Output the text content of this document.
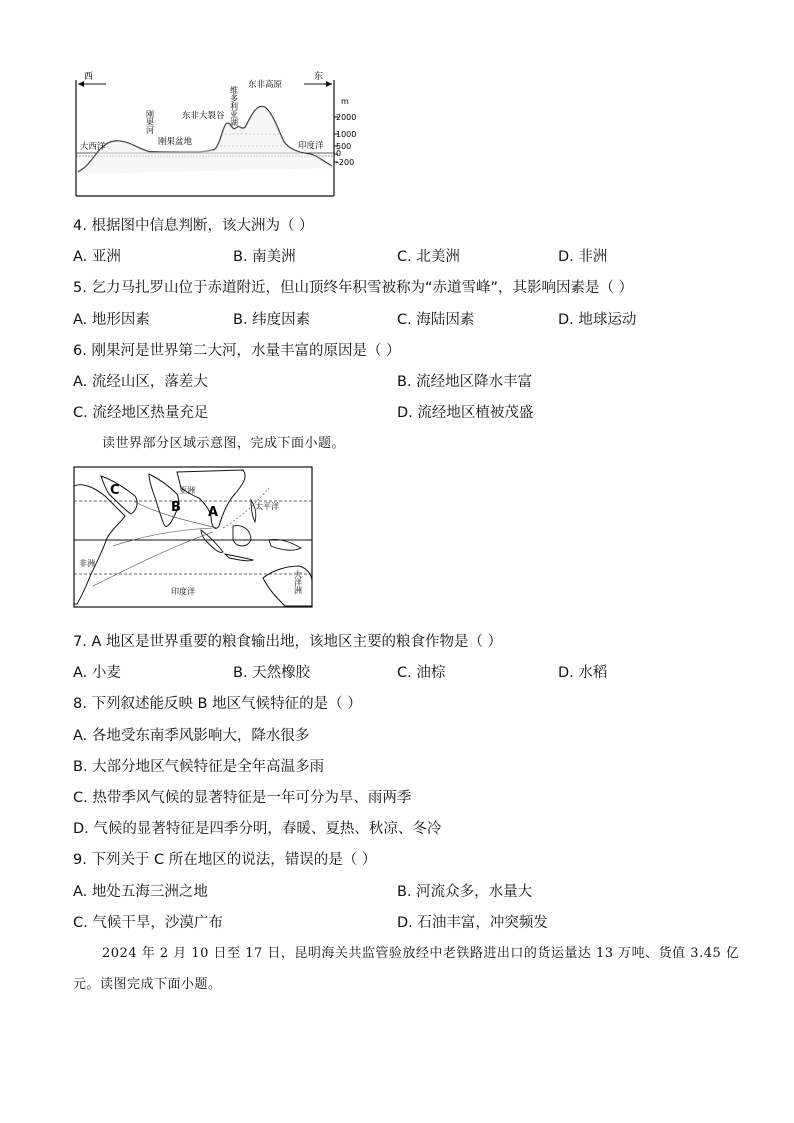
西	东
大西洋
刚果河
刚果盆地
东非大裂谷 维多利亚湖
东非高原
印度洋
m
2000
1000
500
0
-200
4. 根据图中信息判断，该大洲为（ ）
A. 亚洲	B. 南美洲	C. 北美洲	D. 非洲
5. 乞力马扎罗山位于赤道附近，但山顶终年积雪被称为“赤道雪峰”，其影响因素是（ ）
A. 地形因素	B. 纬度因素	C. 海陆因素	D. 地球运动
6. 刚果河是世界第二大河，水量丰富的原因是（ ）
A. 流经山区，落差大	B. 流经地区降水丰富
C. 流经地区热量充足	D. 流经地区植被茂盛
读世界部分区域示意图，完成下面小题。
C	亚洲
B A	太平洋
非洲
印度洋	大洋洲
7. A 地区是世界重要的粮食输出地，该地区主要的粮食作物是（ ）
A. 小麦	B. 天然橡胶	C. 油棕	D. 水稻
8. 下列叙述能反映 B 地区气候特征的是（ ）
A. 各地受东南季风影响大，降水很多
B. 大部分地区气候特征是全年高温多雨
C. 热带季风气候的显著特征是一年可分为旱、雨两季
D. 气候的显著特征是四季分明，春暖、夏热、秋凉、冬冷
9. 下列关于 C 所在地区的说法，错误的是（ ）
A. 地处五海三洲之地	B. 河流众多，水量大
C. 气候干旱，沙漠广布	D. 石油丰富，冲突频发
2024 年 2 月 10 日至 17 日，昆明海关共监管验放经中老铁路进出口的货运量达 13 万吨、货值 3.45 亿
元。读图完成下面小题。
